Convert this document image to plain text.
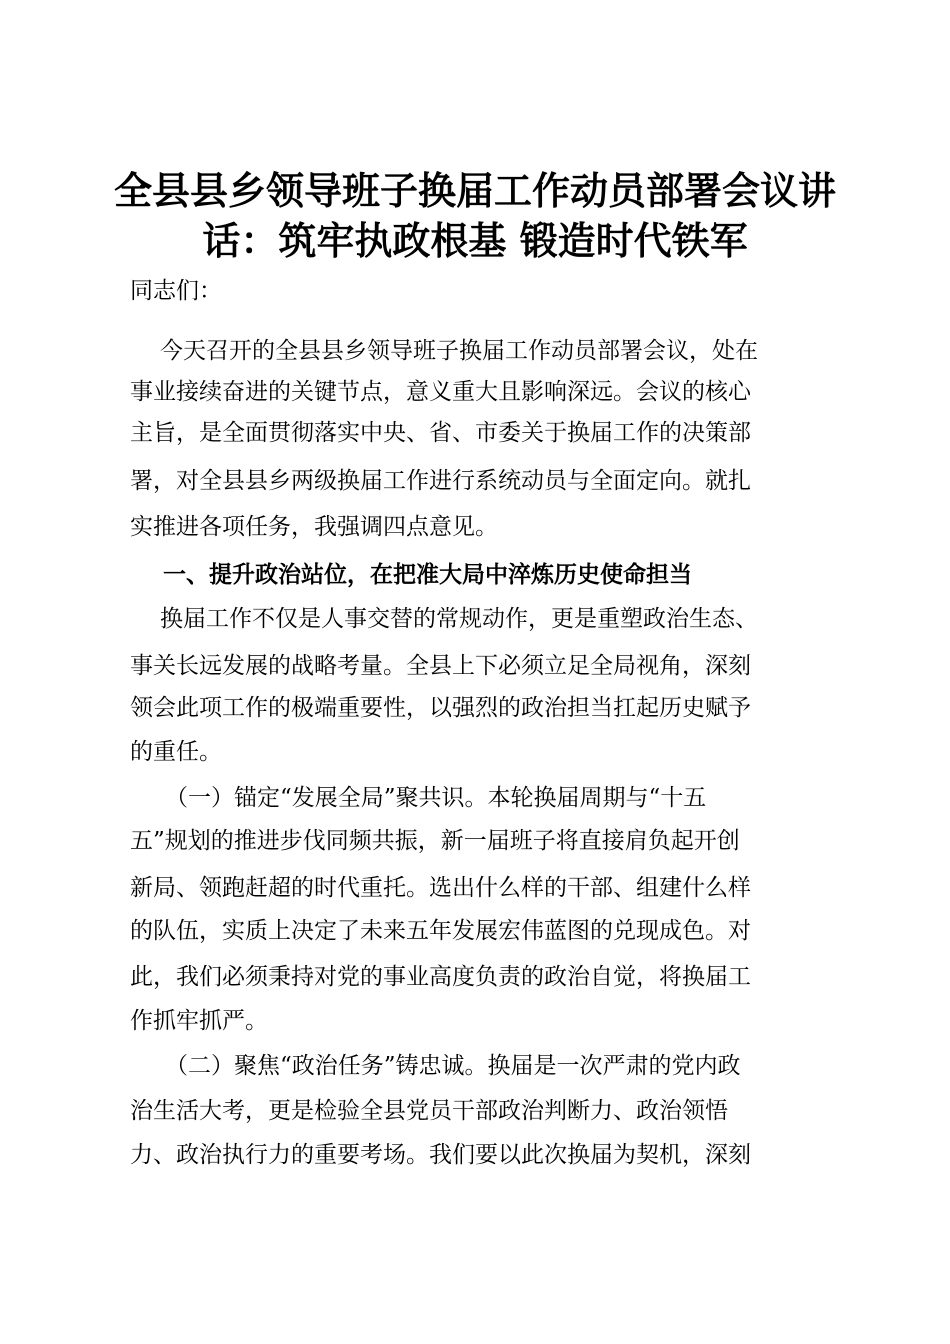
全县县乡领导班子换届工作动员部署会议讲话：筑牢执政根基 锻造时代铁军
同志们：
今天召开的全县县乡领导班子换届工作动员部署会议，处在
事业接续奋进的关键节点，意义重大且影响深远。会议的核心
主旨，是全面贯彻落实中央、省、市委关于换届工作的决策部
署，对全县县乡两级换届工作进行系统动员与全面定向。就扎
实推进各项任务，我强调四点意见。
一、提升政治站位，在把准大局中淬炼历史使命担当
换届工作不仅是人事交替的常规动作，更是重塑政治生态、
事关长远发展的战略考量。全县上下必须立足全局视角，深刻
领会此项工作的极端重要性，以强烈的政治担当扛起历史赋予
的重任。
（一）锚定“发展全局”聚共识。本轮换届周期与“十五
五”规划的推进步伐同频共振，新一届班子将直接肩负起开创
新局、领跑赶超的时代重托。选出什么样的干部、组建什么样
的队伍，实质上决定了未来五年发展宏伟蓝图的兑现成色。对
此，我们必须秉持对党的事业高度负责的政治自觉，将换届工
作抓牢抓严。
（二）聚焦“政治任务”铸忠诚。换届是一次严肃的党内政
治生活大考，更是检验全县党员干部政治判断力、政治领悟
力、政治执行力的重要考场。我们要以此次换届为契机，深刻
